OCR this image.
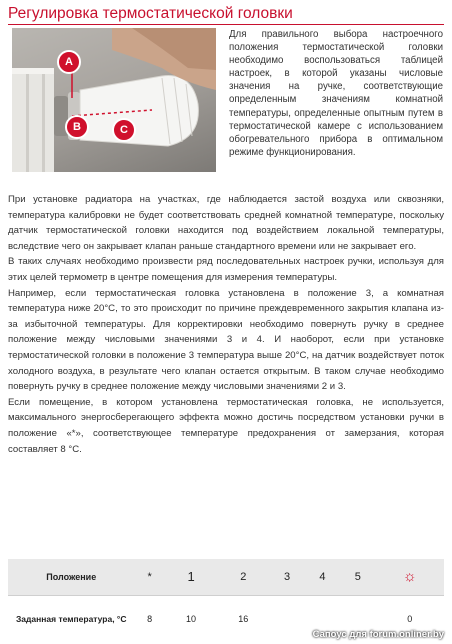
Регулировка термостатической головки
A
B	C
Для правильного выбора настроечного положения термостатической головки необходимо воспользоваться таблицей настроек, в которой указаны числовые значения на ручке, соответствующие определенным значениям комнатной температуры, определенные опытным путем в термостатической камере с использованием обогревательного прибора в оптимальном режиме функционирования.

При установке радиатора на участках, где наблюдается застой воздуха или сквозняки, температура калибровки не будет соответствовать средней комнатной температуре, поскольку датчик термостатической головки находится под воздействием локальной температуры, вследствие чего он закрывает клапан раньше стандартного времени или не закрывает его.

В таких случаях необходимо произвести ряд последовательных настроек ручки, используя для этих целей термометр в центре помещения для измерения температуры.

Например, если термостатическая головка установлена в положение 3, а комнатная температура ниже 20°С, то это происходит по причине преждевременного закрытия клапана из-за избыточной температуры. Для корректировки необходимо повернуть ручку в среднее положение между числовыми значениями 3 и 4. И наоборот, если при установке термостатической головки в положение 3 температура выше 20°С, на датчик воздействует поток холодного воздуха, в результате чего клапан остается открытым. В таком случае необходимо повернуть ручку в среднее положение между числовыми значениями 2 и 3.

Если помещение, в котором установлена термостатическая головка, не используется, максимального энергосберегающего эффекта можно достичь посредством установки ручки в положение «*», соответствующее температуре предохранения от замерзания, которая составляет 8 °С.

Положение	*	1	2	3	4	5	☼
Заданная температура, °С	8	10	16				0
Сапоус для forum.onliner.by
